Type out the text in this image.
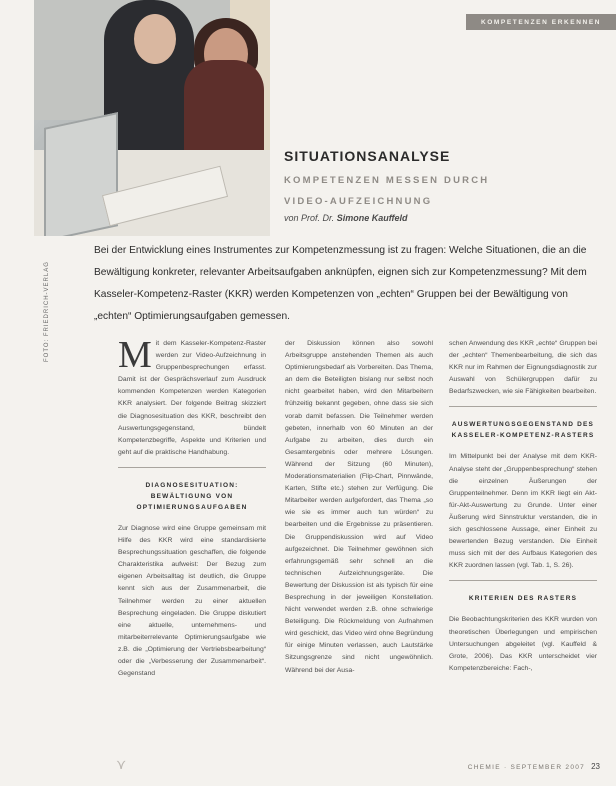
FOTO: FRIEDRICH-VERLAG
KOMPETENZEN ERKENNEN
SITUATIONSANALYSE
KOMPETENZEN MESSEN DURCH
VIDEO-AUFZEICHNUNG
von Prof. Dr. Simone Kauffeld
Bei der Entwicklung eines Instrumentes zur Kompetenzmessung ist zu fragen: Welche Situationen, die an die Bewältigung konkreter, relevanter Arbeitsaufgaben anknüpfen, eignen sich zur Kompetenzmessung? Mit dem Kasseler-Kompetenz-Raster (KKR) werden Kompetenzen von „echten“ Gruppen bei der Bewältigung von „echten“ Optimierungsaufgaben gemessen.

Mit dem Kasseler-Kompetenz-Raster werden zur Video-Aufzeichnung in Gruppenbesprechungen erfasst. Damit ist der Gesprächsverlauf zum Ausdruck kommenden Kompetenzen werden Kategorien KKR analysiert. Der folgende Beitrag skizziert die Diagnosesituation des KKR, beschreibt den Auswertungsgegenstand, bündelt Kompetenzbegriffe, Aspekte und Kriterien und geht auf die praktische Handhabung.

DIAGNOSESITUATION: BEWÄLTIGUNG VON OPTIMIERUNGSAUFGABEN

Zur Diagnose wird eine Gruppe gemeinsam mit Hilfe des KKR wird eine standardisierte Besprechungssituation geschaffen, die folgende Charakteristika aufweist: Der Bezug zum eigenen Arbeitsalltag ist deutlich, die Gruppe kennt sich aus der Zusammenarbeit, die Teilnehmer werden zu einer aktuellen Besprechung eingeladen. Die Gruppe diskutiert eine aktuelle, unternehmens- und mitarbeiterrelevante Optimierungsaufgabe wie z.B. die „Optimierung der Vertriebsbearbeitung“ oder die „Verbesserung der Zusammenarbeit“. Gegenstand

der Diskussion können also sowohl Arbeitsgruppe anstehenden Themen als auch Optimierungsbedarf als Vorbereiten. Das Thema, an dem die Beteiligten bislang nur selbst noch nicht gearbeitet haben, wird den Mitarbeitern frühzeitig bekannt gegeben, ohne dass sie sich vorab damit befassen. Die Teilnehmer werden gebeten, innerhalb von 60 Minuten an der Aufgabe zu arbeiten, dies durch ein Gesamtergebnis oder mehrere Lösungen. Während der Sitzung (60 Minuten), Moderationsmaterialien (Flip-Chart, Pinnwände, Karten, Stifte etc.) stehen zur Verfügung. Die Mitarbeiter werden aufgefordert, das Thema „so wie sie es immer auch tun würden“ zu bearbeiten und die Ergebnisse zu präsentieren. Die Gruppendiskussion wird auf Video aufgezeichnet. Die Teilnehmer gewöhnen sich erfahrungsgemäß sehr schnell an die technischen Aufzeichnungsgeräte. Die Bewertung der Diskussion ist als typisch für eine Besprechung in der jeweiligen Konstellation. Nicht verwendet werden z.B. ohne schwierige Beteiligung. Die Rückmeldung von Aufnahmen wird geschickt, das Video wird ohne Begründung für einige Minuten verlassen, auch Lautstärke Sitzungsgrenze sind nicht ungewöhnlich. Während bei der Ausa-

schen Anwendung des KKR „echte“ Gruppen bei der „echten“ Themenbearbeitung, die sich das KKR nur im Rahmen der Eignungsdiagnostik zur Auswahl von Schülergruppen dafür zu Bedarfszwecken, wie sie Fähigkeiten bearbeiten.

AUSWERTUNGSGEGENSTAND DES KASSELER-KOMPETENZ-RASTERS

Im Mittelpunkt bei der Analyse mit dem KKR-Analyse steht der „Gruppenbesprechung“ stehen die einzelnen Äußerungen der Gruppenteilnehmer. Denn im KKR liegt ein Akt-für-Akt-Auswertung zu Grunde. Unter einer Äußerung wird Sinnstruktur verstanden, die in sich geschlossene Aussage, einer Einheit zu bewertenden Bezug verstanden. Die Einheit muss sich mit der des Aufbaus Kategorien des KKR zuordnen lassen (vgl. Tab. 1, S. 26).

KRITERIEN DES RASTERS

Die Beobachtungskriterien des KKR wurden von theoretischen Überlegungen und empirischen Untersuchungen abgeleitet (vgl. Kauffeld & Grote, 2006). Das KKR unterscheidet vier Kompetenzbereiche: Fach-,

⋎	CHEMIE · SEPTEMBER 2007 23
